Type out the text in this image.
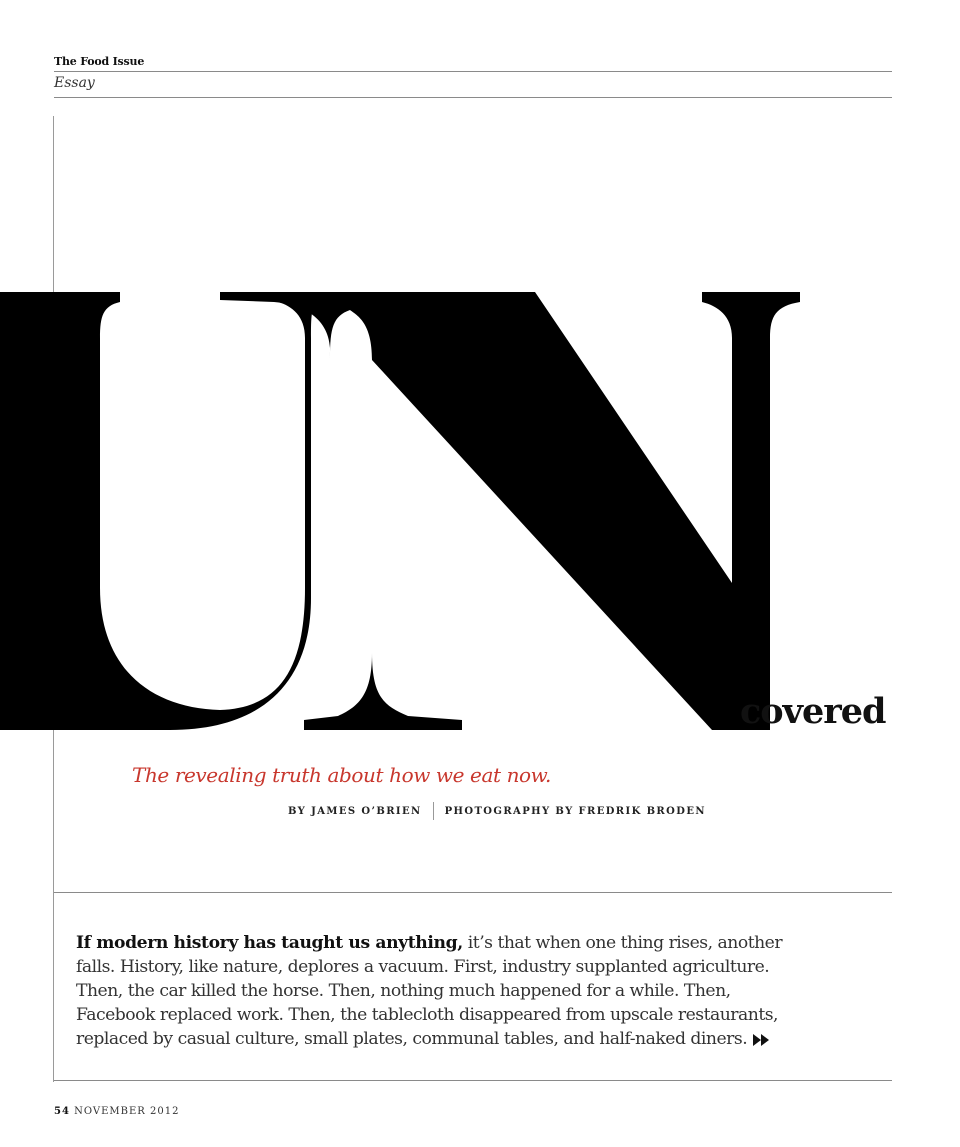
The Food Issue
Essay
covered
The revealing truth about how we eat now.
BY JAMES O’BRIEN PHOTOGRAPHY BY FREDRIK BRODEN
If modern history has taught us anything, it’s that when one thing rises, another
falls. History, like nature, deplores a vacuum. First, industry supplanted agriculture.
Then, the car killed the horse. Then, nothing much happened for a while. Then,
Facebook replaced work. Then, the tablecloth disappeared from upscale restaurants,
replaced by casual culture, small plates, communal tables, and half-naked diners.
54 NOVEMBER 2012
